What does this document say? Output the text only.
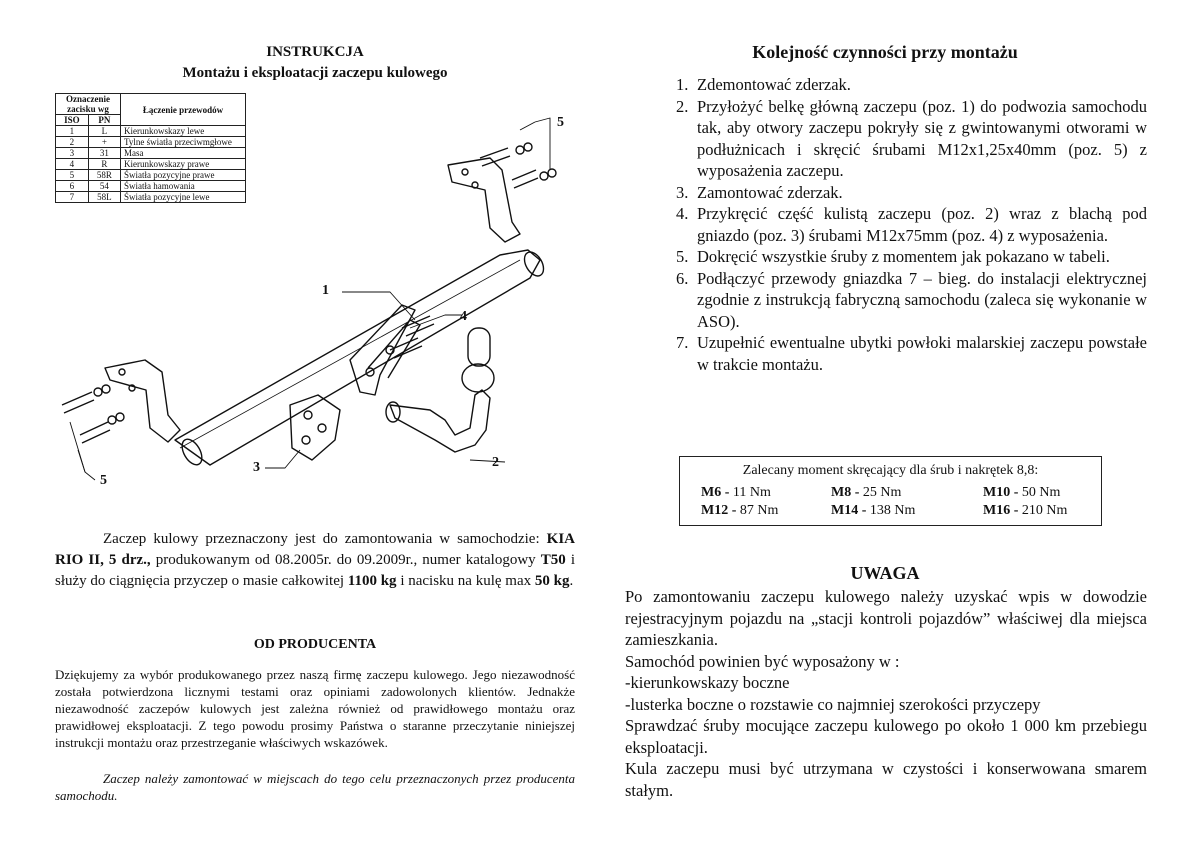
INSTRUKCJA
Montażu i eksploatacji zaczepu kulowego
Oznaczenie zacisku wg		Łączenie przewodów
ISO	PN	
1	L	Kierunkowskazy lewe
2	+	Tylne światła przeciwmgłowe
3	31	Masa
4	R	Kierunkowskazy prawe
5	58R	Światła pozycyjne prawe
6	54	Światła hamowania
7	58L	Światła pozycyjne lewe
1
2
3
4
5
5

Zaczep kulowy przeznaczony jest do zamontowania w samochodzie: KIA RIO II, 5 drz., produkowanym od 08.2005r. do 09.2009r., numer katalogowy T50 i służy do ciągnięcia przyczep o masie całkowitej 1100 kg i nacisku na kulę max 50 kg.

OD PRODUCENTA

Dziękujemy za wybór produkowanego przez naszą firmę zaczepu kulowego. Jego niezawodność została potwierdzona licznymi testami oraz opiniami zadowolonych klientów. Jednakże niezawodność zaczepów kulowych jest zależna również od prawidłowego montażu oraz prawidłowej eksploatacji. Z tego powodu prosimy Państwa o staranne przeczytanie niniejszej instrukcji montażu oraz przestrzeganie właściwych wskazówek.

Zaczep należy zamontować w miejscach do tego celu przeznaczonych przez producenta samochodu.

Kolejność czynności przy montażu
1. Zdemontować zderzak.
2. Przyłożyć belkę główną zaczepu (poz. 1) do podwozia samochodu tak, aby otwory zaczepu pokryły się z gwintowanymi otworami w podłużnicach i skręcić śrubami M12x1,25x40mm (poz. 5) z wyposażenia zaczepu.
3. Zamontować zderzak.
4. Przykręcić część kulistą zaczepu (poz. 2) wraz z blachą pod gniazdo (poz. 3) śrubami M12x75mm (poz. 4) z wyposażenia.
5. Dokręcić wszystkie śruby z momentem jak pokazano w tabeli.
6. Podłączyć przewody gniazdka 7 – bieg. do instalacji elektrycznej zgodnie z instrukcją fabryczną samochodu (zaleca się wykonanie w ASO).
7. Uzupełnić ewentualne ubytki powłoki malarskiej zaczepu powstałe w trakcie montażu.
Zalecany moment skręcający dla śrub i nakrętek 8,8:
M6 - 11 Nm	M8 - 25 Nm	M10 - 50 Nm
M12 - 87 Nm	M14 - 138 Nm	M16 - 210 Nm
UWAGA

Po zamontowaniu zaczepu kulowego należy uzyskać wpis w dowodzie rejestracyjnym pojazdu na „stacji kontroli pojazdów” właściwej dla miejsca zamieszkania.

Samochód powinien być wyposażony w :

-kierunkowskazy boczne

-lusterka boczne o rozstawie co najmniej szerokości przyczepy

Sprawdzać śruby mocujące zaczepu kulowego po około 1 000 km przebiegu eksploatacji.

Kula zaczepu musi być utrzymana w czystości i konserwowana smarem stałym.
